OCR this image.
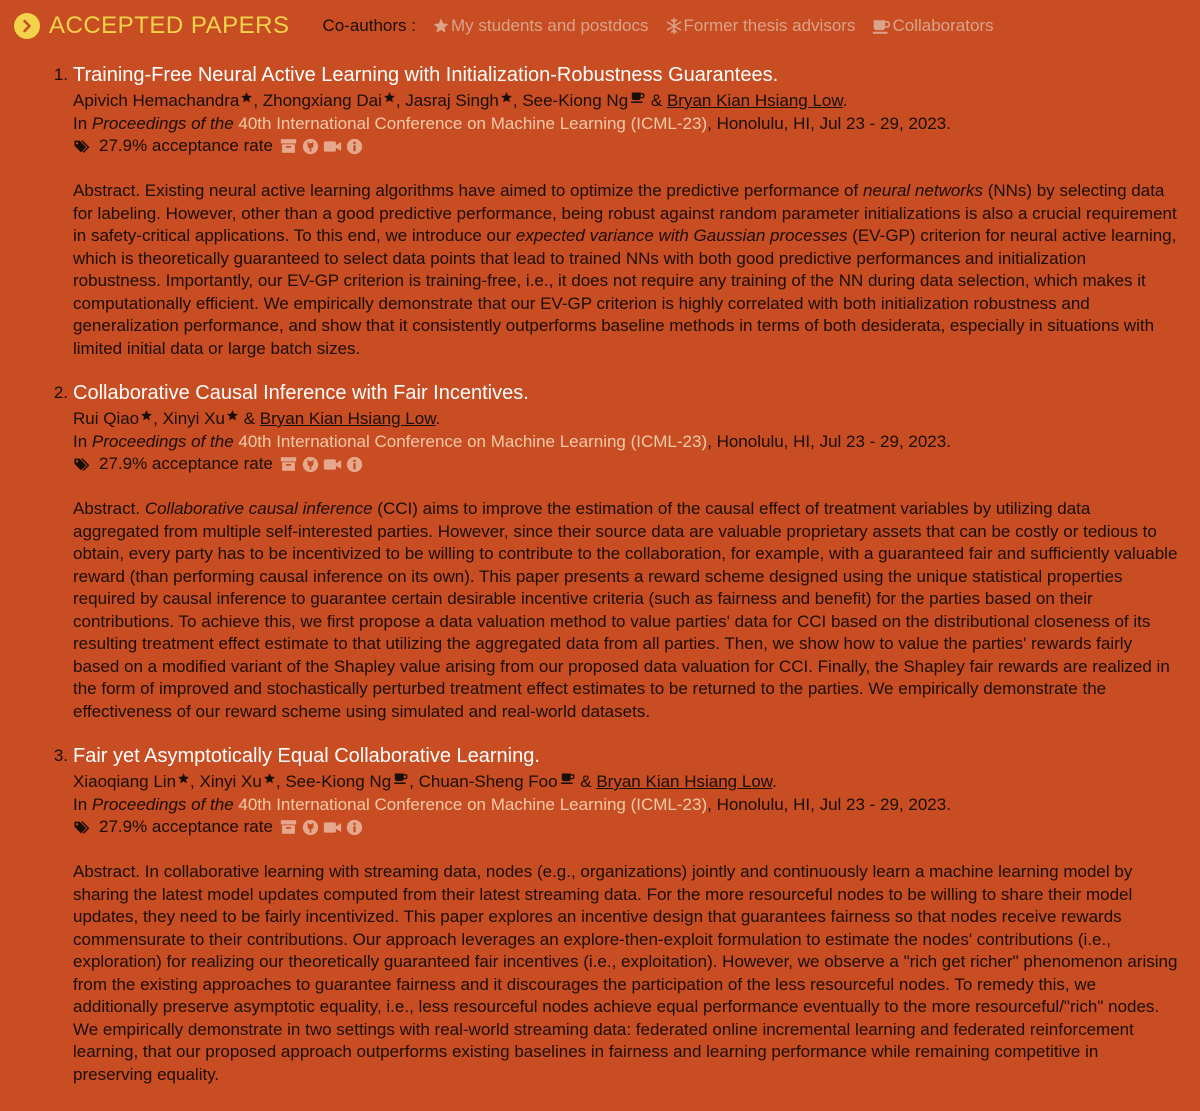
ACCEPTED PAPERS Co-authors : My students and postdocs Former thesis advisors Collaborators
1. Training-Free Neural Active Learning with Initialization-Robustness Guarantees.
Apivich Hemachandra , Zhongxiang Dai , Jasraj Singh , See-Kiong Ng & Bryan Kian Hsiang Low.
In Proceedings of the 40th International Conference on Machine Learning (ICML-23), Honolulu, HI, Jul 23 - 29, 2023.
27.9% acceptance rate
Abstract. Existing neural active learning algorithms have aimed to optimize the predictive performance of neural networks (NNs) by selecting data for labeling. However, other than a good predictive performance, being robust against random parameter initializations is also a crucial requirement in safety-critical applications. To this end, we introduce our expected variance with Gaussian processes (EV-GP) criterion for neural active learning, which is theoretically guaranteed to select data points that lead to trained NNs with both good predictive performances and initialization robustness. Importantly, our EV-GP criterion is training-free, i.e., it does not require any training of the NN during data selection, which makes it computationally efficient. We empirically demonstrate that our EV-GP criterion is highly correlated with both initialization robustness and generalization performance, and show that it consistently outperforms baseline methods in terms of both desiderata, especially in situations with limited initial data or large batch sizes.
2. Collaborative Causal Inference with Fair Incentives.
Rui Qiao , Xinyi Xu & Bryan Kian Hsiang Low.
In Proceedings of the 40th International Conference on Machine Learning (ICML-23), Honolulu, HI, Jul 23 - 29, 2023.
27.9% acceptance rate
Abstract. Collaborative causal inference (CCI) aims to improve the estimation of the causal effect of treatment variables by utilizing data aggregated from multiple self-interested parties. However, since their source data are valuable proprietary assets that can be costly or tedious to obtain, every party has to be incentivized to be willing to contribute to the collaboration, for example, with a guaranteed fair and sufficiently valuable reward (than performing causal inference on its own). This paper presents a reward scheme designed using the unique statistical properties required by causal inference to guarantee certain desirable incentive criteria (such as fairness and benefit) for the parties based on their contributions. To achieve this, we first propose a data valuation method to value parties' data for CCI based on the distributional closeness of its resulting treatment effect estimate to that utilizing the aggregated data from all parties. Then, we show how to value the parties' rewards fairly based on a modified variant of the Shapley value arising from our proposed data valuation for CCI. Finally, the Shapley fair rewards are realized in the form of improved and stochastically perturbed treatment effect estimates to be returned to the parties. We empirically demonstrate the effectiveness of our reward scheme using simulated and real-world datasets.
3. Fair yet Asymptotically Equal Collaborative Learning.
Xiaoqiang Lin , Xinyi Xu , See-Kiong Ng , Chuan-Sheng Foo & Bryan Kian Hsiang Low.
In Proceedings of the 40th International Conference on Machine Learning (ICML-23), Honolulu, HI, Jul 23 - 29, 2023.
27.9% acceptance rate
Abstract. In collaborative learning with streaming data, nodes (e.g., organizations) jointly and continuously learn a machine learning model by sharing the latest model updates computed from their latest streaming data. For the more resourceful nodes to be willing to share their model updates, they need to be fairly incentivized. This paper explores an incentive design that guarantees fairness so that nodes receive rewards commensurate to their contributions. Our approach leverages an explore-then-exploit formulation to estimate the nodes' contributions (i.e., exploration) for realizing our theoretically guaranteed fair incentives (i.e., exploitation). However, we observe a "rich get richer" phenomenon arising from the existing approaches to guarantee fairness and it discourages the participation of the less resourceful nodes. To remedy this, we additionally preserve asymptotic equality, i.e., less resourceful nodes achieve equal performance eventually to the more resourceful/"rich" nodes. We empirically demonstrate in two settings with real-world streaming data: federated online incremental learning and federated reinforcement learning, that our proposed approach outperforms existing baselines in fairness and learning performance while remaining competitive in preserving equality.
